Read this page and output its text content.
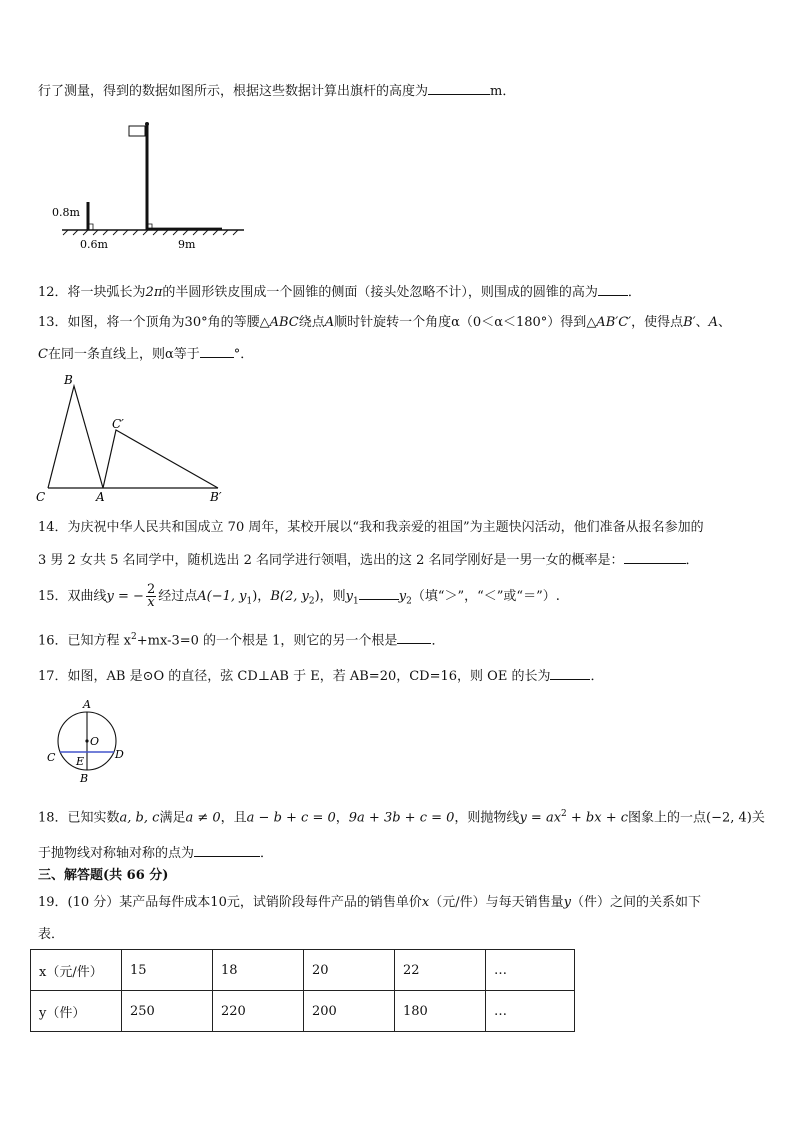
行了测量，得到的数据如图所示，根据这些数据计算出旗杆的高度为	m．
0.8m
0.6m	9m
12．将一块弧长为2π的半圆形铁皮围成一个圆锥的侧面（接头处忽略不计），则围成的圆锥的高为 ．
13．如图，将一个顶角为30°角的等腰△ABC绕点A顺时针旋转一个角度α（0＜α＜180°）得到△AB′C′，使得点B′、A、
C在同一条直线上，则α等于	°．
B
C	A
C′
B′
14．为庆祝中华人民共和国成立 70 周年，某校开展以“我和我亲爱的祖国”为主题快闪活动，他们准备从报名参加的
3 男 2 女共 5 名同学中，随机选出 2 名同学进行领唱，选出的这 2 名同学刚好是一男一女的概率是：	．
15．双曲线y = − $\frac{2}{x}$ 经过点A(−1, $y_1$)，B(2, $y_2$)，则$y_1$	$y_2$（填“＞”，“＜”或“＝”）.
16．已知方程 $x^2+mx-3=0$ 的一个根是 1，则它的另一个根是	．
17．如图，AB 是⊙O 的直径，弦 CD⊥AB 于 E，若 AB=20，CD=16，则 OE 的长为	．
A
O
C	D
E
B
18．已知实数a, b, c满足a ≠ 0，且a − b + c = 0，9a + 3b + c = 0，则抛物线$y = ax^2$ + bx + c图象上的一点(−2, 4)关
于抛物线对称轴对称的点为	．
三、解答题(共 66 分)
19．(10 分）某产品每件成本10元，试销阶段每件产品的销售单价x（元/件）与每天销售量y（件）之间的关系如下
表．
x（元/件）	15	18	20	22	…
y（件）	250	220	200	180	…
